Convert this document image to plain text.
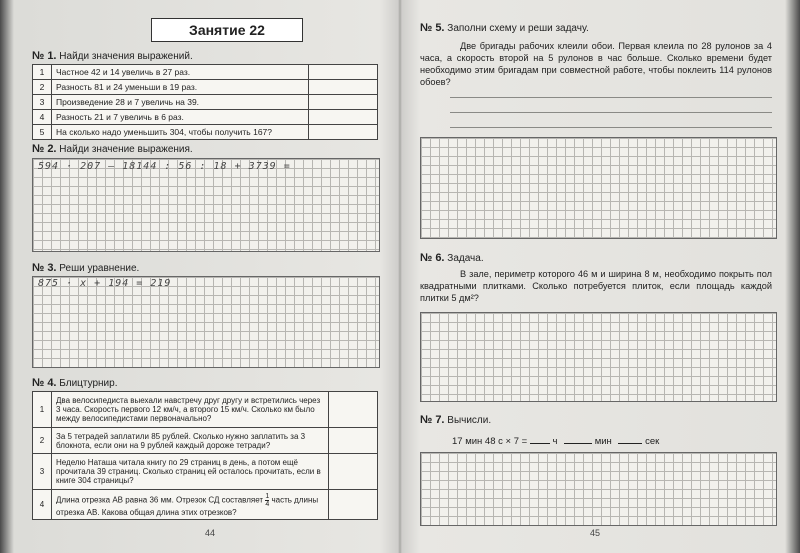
Занятие 22
№ 1. Найди значения выражений.
1	Частное 42 и 14 увеличь в 27 раз.	
2	Разность 81 и 24 уменьши в 19 раз.	
3	Произведение 28 и 7 увеличь на 39.	
4	Разность 21 и 7 увеличь в 6 раз.	
5	На сколько надо уменьшить 304, чтобы получить 167?	
№ 2. Найди значение выражения.
594 · 207 – 18144 : 56 : 18 + 3739 =
№ 3. Реши уравнение.
875 · x + 194 = 219
№ 4. Блицтурнир.
1	Два велосипедиста выехали навстречу друг другу и встретились через 3 часа. Скорость первого 12 км/ч, а второго 15 км/ч. Сколько км было между велосипедистами первоначально?	
2	За 5 тетрадей заплатили 85 рублей. Сколько нужно заплатить за 3 блокнота, если они на 9 рублей каждый дороже тетради?	
3	Неделю Наташа читала книгу по 29 страниц в день, а потом ещё прочитала 39 страниц. Сколько страниц ей осталось прочитать, если в книге 304 страницы?	
4	Длина отрезка АВ равна 36 мм. Отрезок СД составляет $\frac{1}{4}$ часть длины отрезка АВ. Какова общая длина этих отрезков?	
44
№ 5. Заполни схему и реши задачу.
Две бригады рабочих клеили обои. Первая клеила по 28 рулонов за 4 часа, а скорость второй на 5 рулонов в час больше. Сколько времени будет необходимо этим бригадам при совместной работе, чтобы поклеить 114 рулонов обоев?
№ 6. Задача.
В зале, периметр которого 46 м и ширина 8 м, необходимо покрыть пол квадратными плитками. Сколько потребуется плиток, если площадь каждой плитки 5 дм²?
№ 7. Вычисли.
17 мин 48 с × 7 =	ч	мин	сек
45
